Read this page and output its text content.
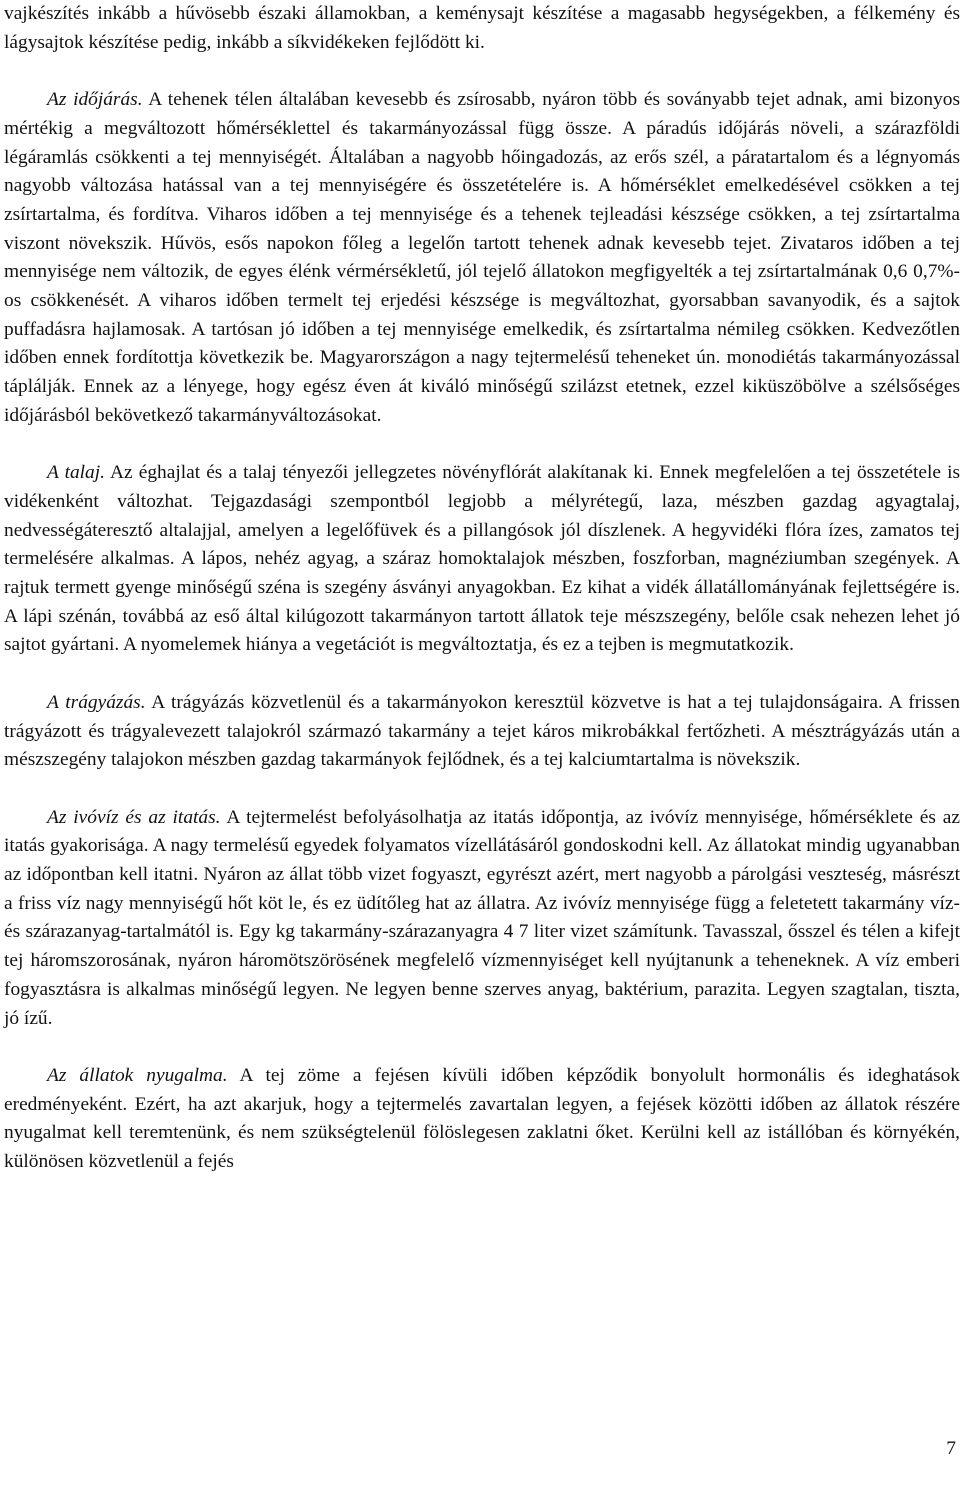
vajkészítés inkább a hűvösebb északi államokban, a keménysajt készítése a magasabb hegységekben, a félkemény és lágysajtok készítése pedig, inkább a síkvidékeken fejlődött ki.

Az időjárás. A tehenek télen általában kevesebb és zsírosabb, nyáron több és soványabb tejet adnak, ami bizonyos mértékig a megváltozott hőmérséklettel és takarmányozással függ össze. A páradús időjárás növeli, a szárazföldi légáramlás csökkenti a tej mennyiségét. Általában a nagyobb hőingadozás, az erős szél, a páratartalom és a légnyomás nagyobb változása hatással van a tej mennyiségére és összetételére is. A hőmérséklet emelkedésével csökken a tej zsírtartalma, és fordítva. Viharos időben a tej mennyisége és a tehenek tejleadási készsége csökken, a tej zsírtartalma viszont növekszik. Hűvös, esős napokon főleg a legelőn tartott tehenek adnak kevesebb tejet. Zivataros időben a tej mennyisége nem változik, de egyes élénk vérmérsékletű, jól tejelő állatokon megfigyelték a tej zsírtartalmának 0,6 0,7%-os csökkenését. A viharos időben termelt tej erjedési készsége is megváltozhat, gyorsabban savanyodik, és a sajtok puffadásra hajlamosak. A tartósan jó időben a tej mennyisége emelkedik, és zsírtartalma némileg csökken. Kedvezőtlen időben ennek fordítottja következik be. Magyarországon a nagy tejtermelésű teheneket ún. monodiétás takarmányozással táplálják. Ennek az a lényege, hogy egész éven át kiváló minőségű szilázst etetnek, ezzel kiküszöbölve a szélsőséges időjárásból bekövetkező takarmányváltozásokat.

A talaj. Az éghajlat és a talaj tényezői jellegzetes növényflórát alakítanak ki. Ennek megfelelően a tej összetétele is vidékenként változhat. Tejgazdasági szempontból legjobb a mélyrétegű, laza, mészben gazdag agyagtalaj, nedvességáteresztő altalajjal, amelyen a legelőfüvek és a pillangósok jól díszlenek. A hegyvidéki flóra ízes, zamatos tej termelésére alkalmas. A lápos, nehéz agyag, a száraz homoktalajok mészben, foszforban, magnéziumban szegények. A rajtuk termett gyenge minőségű széna is szegény ásványi anyagokban. Ez kihat a vidék állatállományának fejlettségére is. A lápi szénán, továbbá az eső által kilúgozott takarmányon tartott állatok teje mészszegény, belőle csak nehezen lehet jó sajtot gyártani. A nyomelemek hiánya a vegetációt is megváltoztatja, és ez a tejben is megmutatkozik.

A trágyázás. A trágyázás közvetlenül és a takarmányokon keresztül közvetve is hat a tej tulajdonságaira. A frissen trágyázott és trágyalevezett talajokról származó takarmány a tejet káros mikrobákkal fertőzheti. A mésztrágyázás után a mészszegény talajokon mészben gazdag takarmányok fejlődnek, és a tej kalciumtartalma is növekszik.

Az ivóvíz és az itatás. A tejtermelést befolyásolhatja az itatás időpontja, az ivóvíz mennyisége, hőmérséklete és az itatás gyakorisága. A nagy termelésű egyedek folyamatos vízellátásáról gondoskodni kell. Az állatokat mindig ugyanabban az időpontban kell itatni. Nyáron az állat több vizet fogyaszt, egyrészt azért, mert nagyobb a párolgási veszteség, másrészt a friss víz nagy mennyiségű hőt köt le, és ez üdítőleg hat az állatra. Az ivóvíz mennyisége függ a feletetett takarmány víz- és szárazanyag-tartalmától is. Egy kg takarmány-szárazanyagra 4 7 liter vizet számítunk. Tavasszal, ősszel és télen a kifejt tej háromszorosának, nyáron háromötszörösének megfelelő vízmennyiséget kell nyújtanunk a teheneknek. A víz emberi fogyasztásra is alkalmas minőségű legyen. Ne legyen benne szerves anyag, baktérium, parazita. Legyen szagtalan, tiszta, jó ízű.

Az állatok nyugalma. A tej zöme a fejésen kívüli időben képződik bonyolult hormonális és ideghatások eredményeként. Ezért, ha azt akarjuk, hogy a tejtermelés zavartalan legyen, a fejések közötti időben az állatok részére nyugalmat kell teremtenünk, és nem szükségtelenül fölöslegesen zaklatni őket. Kerülni kell az istállóban és környékén, különösen közvetlenül a fejés

7
